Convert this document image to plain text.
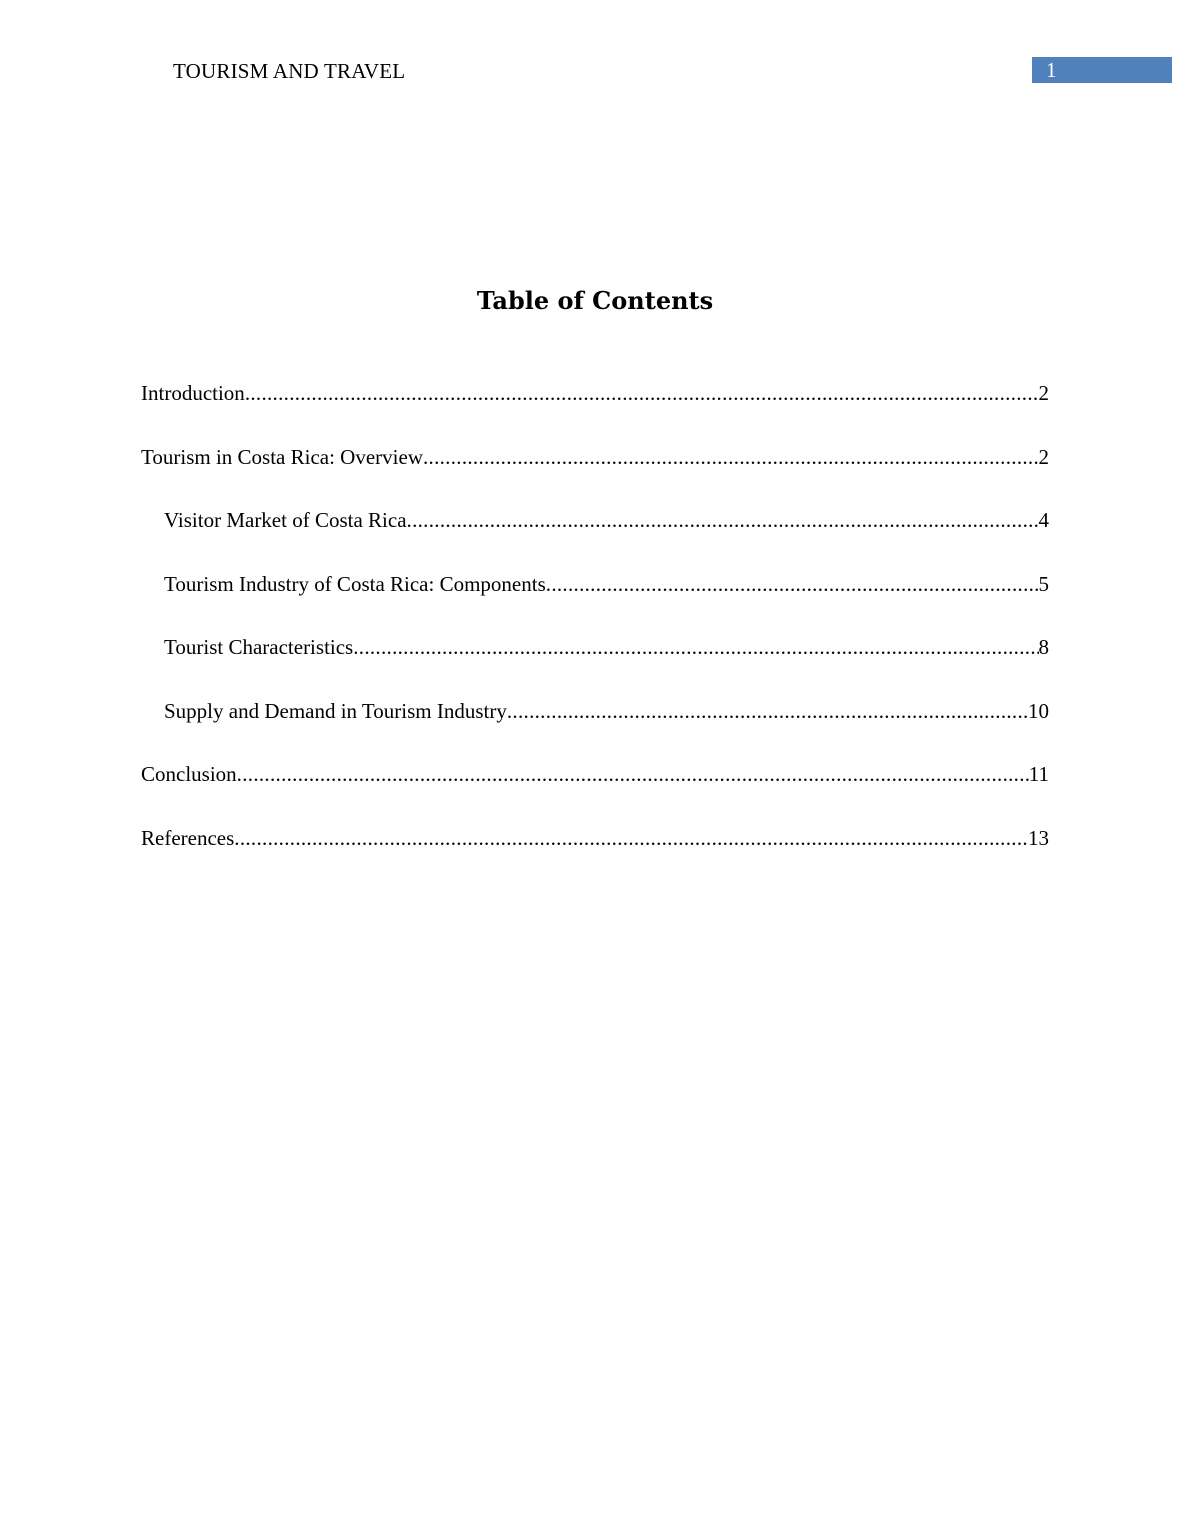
TOURISM AND TRAVEL	1
Table of Contents
Introduction .....	2
Tourism in Costa Rica: Overview .....	2
Visitor Market of Costa Rica .....	4
Tourism Industry of Costa Rica: Components .....	5
Tourist Characteristics .....	8
Supply and Demand in Tourism Industry .....	10
Conclusion .....	11
References .....	13
